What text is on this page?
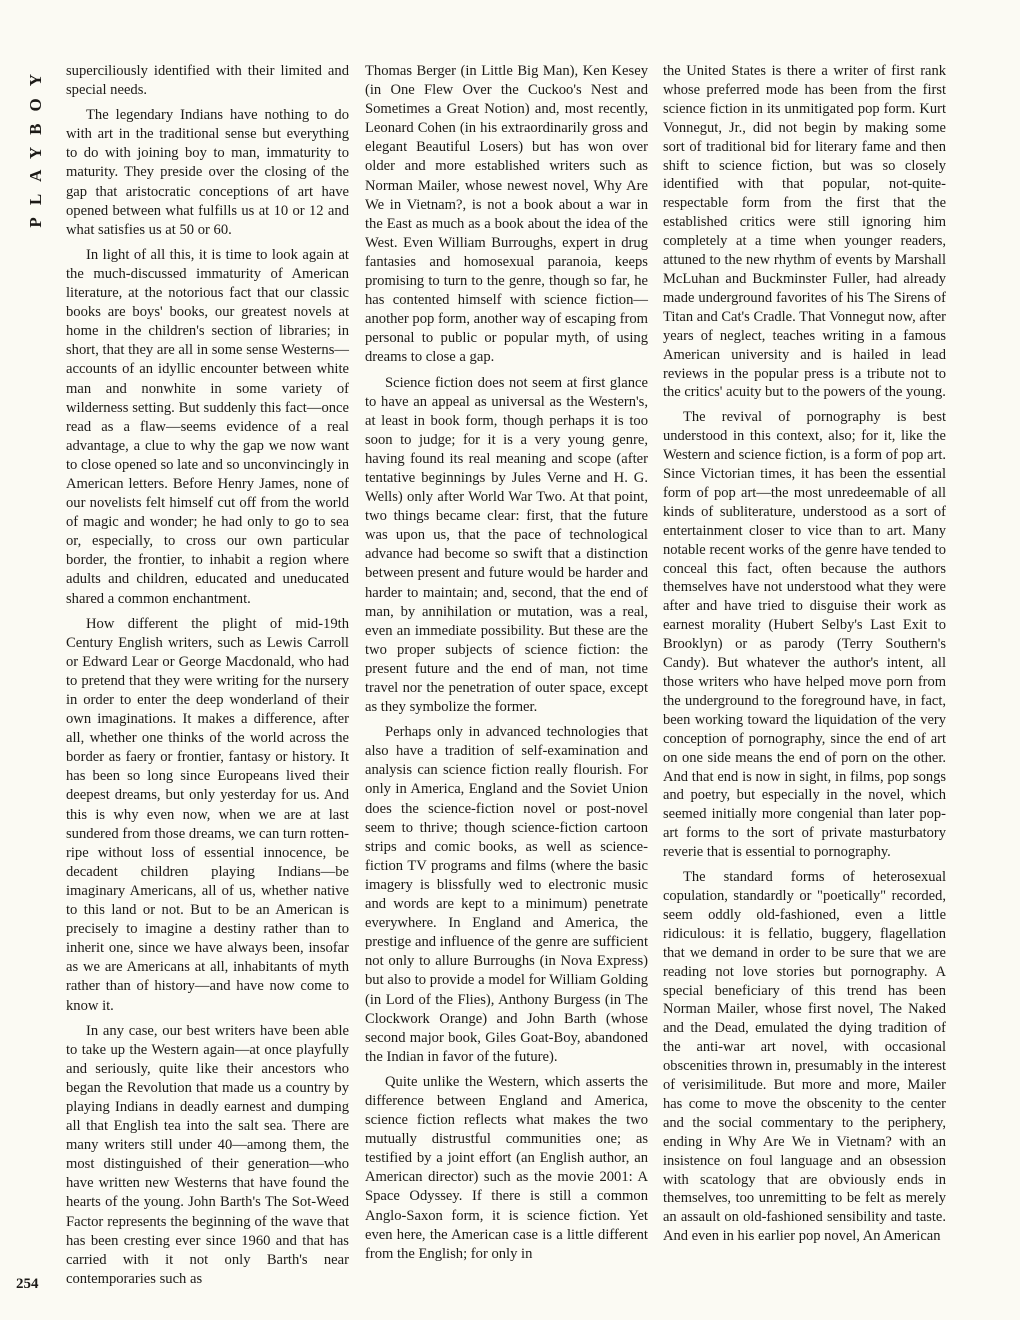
PLAYBOY superciliously identified with their limited and special needs.

The legendary Indians have nothing to do with art in the traditional sense but everything to do with joining boy to man, immaturity to maturity. They preside over the closing of the gap that aristocratic conceptions of art have opened between what fulfills us at 10 or 12 and what satisfies us at 50 or 60.

In light of all this, it is time to look again at the much-discussed immaturity of American literature, at the notorious fact that our classic books are boys' books, our greatest novels at home in the children's section of libraries; in short, that they are all in some sense Westerns—accounts of an idyllic encounter between white man and nonwhite in some variety of wilderness setting. But suddenly this fact—once read as a flaw—seems evidence of a real advantage, a clue to why the gap we now want to close opened so late and so unconvincingly in American letters. Before Henry James, none of our novelists felt himself cut off from the world of magic and wonder; he had only to go to sea or, especially, to cross our own particular border, the frontier, to inhabit a region where adults and children, educated and uneducated shared a common enchantment.

How different the plight of mid-19th Century English writers, such as Lewis Carroll or Edward Lear or George Macdonald, who had to pretend that they were writing for the nursery in order to enter the deep wonderland of their own imaginations. It makes a difference, after all, whether one thinks of the world across the border as faery or frontier, fantasy or history. It has been so long since Europeans lived their deepest dreams, but only yesterday for us. And this is why even now, when we are at last sundered from those dreams, we can turn rotten-ripe without loss of essential innocence, be decadent children playing Indians—be imaginary Americans, all of us, whether native to this land or not. But to be an American is precisely to imagine a destiny rather than to inherit one, since we have always been, insofar as we are Americans at all, inhabitants of myth rather than of history—and have now come to know it.

In any case, our best writers have been able to take up the Western again—at once playfully and seriously, quite like their ancestors who began the Revolution that made us a country by playing Indians in deadly earnest and dumping all that English tea into the salt sea. There are many writers still under 40—among them, the most distinguished of their generation—who have written new Westerns that have found the hearts of the young. John Barth's The Sot-Weed Factor represents the beginning of the wave that has been cresting ever since 1960 and that has carried with it not only Barth's near contemporaries such as

Thomas Berger (in Little Big Man), Ken Kesey (in One Flew Over the Cuckoo's Nest and Sometimes a Great Notion) and, most recently, Leonard Cohen (in his extraordinarily gross and elegant Beautiful Losers) but has won over older and more established writers such as Norman Mailer, whose newest novel, Why Are We in Vietnam?, is not a book about a war in the East as much as a book about the idea of the West. Even William Burroughs, expert in drug fantasies and homosexual paranoia, keeps promising to turn to the genre, though so far, he has contented himself with science fiction—another pop form, another way of escaping from personal to public or popular myth, of using dreams to close a gap.

Science fiction does not seem at first glance to have an appeal as universal as the Western's, at least in book form, though perhaps it is too soon to judge; for it is a very young genre, having found its real meaning and scope (after tentative beginnings by Jules Verne and H. G. Wells) only after World War Two. At that point, two things became clear: first, that the future was upon us, that the pace of technological advance had become so swift that a distinction between present and future would be harder and harder to maintain; and, second, that the end of man, by annihilation or mutation, was a real, even an immediate possibility. But these are the two proper subjects of science fiction: the present future and the end of man, not time travel nor the penetration of outer space, except as they symbolize the former.

Perhaps only in advanced technologies that also have a tradition of self-examination and analysis can science fiction really flourish. For only in America, England and the Soviet Union does the science-fiction novel or post-novel seem to thrive; though science-fiction cartoon strips and comic books, as well as science-fiction TV programs and films (where the basic imagery is blissfully wed to electronic music and words are kept to a minimum) penetrate everywhere. In England and America, the prestige and influence of the genre are sufficient not only to allure Burroughs (in Nova Express) but also to provide a model for William Golding (in Lord of the Flies), Anthony Burgess (in The Clockwork Orange) and John Barth (whose second major book, Giles Goat-Boy, abandoned the Indian in favor of the future).

Quite unlike the Western, which asserts the difference between England and America, science fiction reflects what makes the two mutually distrustful communities one; as testified by a joint effort (an English author, an American director) such as the movie 2001: A Space Odyssey. If there is still a common Anglo-Saxon form, it is science fiction. Yet even here, the American case is a little different from the English; for only in

the United States is there a writer of first rank whose preferred mode has been from the first science fiction in its unmitigated pop form. Kurt Vonnegut, Jr., did not begin by making some sort of traditional bid for literary fame and then shift to science fiction, but was so closely identified with that popular, not-quite-respectable form from the first that the established critics were still ignoring him completely at a time when younger readers, attuned to the new rhythm of events by Marshall McLuhan and Buckminster Fuller, had already made underground favorites of his The Sirens of Titan and Cat's Cradle. That Vonnegut now, after years of neglect, teaches writing in a famous American university and is hailed in lead reviews in the popular press is a tribute not to the critics' acuity but to the powers of the young.

The revival of pornography is best understood in this context, also; for it, like the Western and science fiction, is a form of pop art. Since Victorian times, it has been the essential form of pop art—the most unredeemable of all kinds of subliterature, understood as a sort of entertainment closer to vice than to art. Many notable recent works of the genre have tended to conceal this fact, often because the authors themselves have not understood what they were after and have tried to disguise their work as earnest morality (Hubert Selby's Last Exit to Brooklyn) or as parody (Terry Southern's Candy). But whatever the author's intent, all those writers who have helped move porn from the underground to the foreground have, in fact, been working toward the liquidation of the very conception of pornography, since the end of art on one side means the end of porn on the other. And that end is now in sight, in films, pop songs and poetry, but especially in the novel, which seemed initially more congenial than later pop-art forms to the sort of private masturbatory reverie that is essential to pornography.

The standard forms of heterosexual copulation, standardly or "poetically" recorded, seem oddly old-fashioned, even a little ridiculous: it is fellatio, buggery, flagellation that we demand in order to be sure that we are reading not love stories but pornography. A special beneficiary of this trend has been Norman Mailer, whose first novel, The Naked and the Dead, emulated the dying tradition of the anti-war art novel, with occasional obscenities thrown in, presumably in the interest of verisimilitude. But more and more, Mailer has come to move the obscenity to the center and the social commentary to the periphery, ending in Why Are We in Vietnam? with an insistence on foul language and an obsession with scatology that are obviously ends in themselves, too unremitting to be felt as merely an assault on old-fashioned sensibility and taste. And even in his earlier pop novel, An American

254
